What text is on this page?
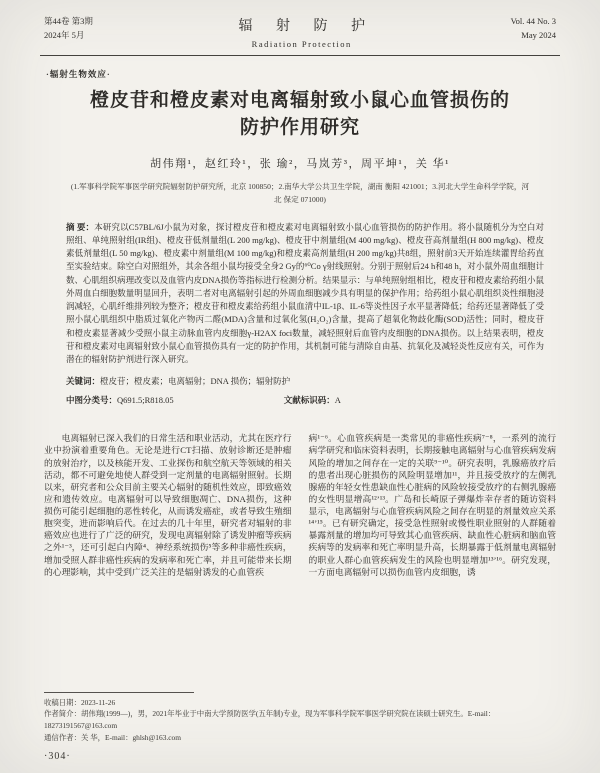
第44卷 第3期
2024年 5月
辐 射 防 护
Radiation Protection
Vol. 44 No. 3
May 2024
·辐射生物效应·
橙皮苷和橙皮素对电离辐射致小鼠心血管损伤的防护作用研究
胡伟翔¹，赵红玲¹，张 瑜²，马岚芳³，周平坤¹，关 华¹
(1.军事科学院军事医学研究院辐射防护研究所，北京 100850；2.南华大学公共卫生学院，湖南 衡阳 421001；3.河北大学生命科学学院，河北 保定 071000)
摘 要：本研究以C57BL/6J小鼠为对象，探讨橙皮苷和橙皮素对电离辐射致小鼠心血管损伤的防护作用。将小鼠随机分为空白对照组、单纯照射组(IR组)、橙皮苷低剂量组(L 200 mg/kg)、橙皮苷中剂量组(M 400 mg/kg)、橙皮苷高剂量组(H 800 mg/kg)、橙皮素低剂量组(L 50 mg/kg)、橙皮素中剂量组(M 100 mg/kg)和橙皮素高剂量组(H 200 mg/kg)共8组，照射前3天开始连续灌胃给药直至实验结束。除空白对照组外，其余各组小鼠均接受全身2 Gy的⁶⁰Co γ射线照射。分别于照射后24 h和48 h，对小鼠外周血细胞计数、心肌组织病理改变以及血管内皮DNA损伤等指标进行检测分析。结果显示：与单纯照射组相比，橙皮苷和橙皮素给药组小鼠外周血白细胞数量明显回升，表明二者对电离辐射引起的外周血细胞减少具有明显的保护作用；给药组小鼠心肌组织炎性细胞浸润减轻，心肌纤维排列较为整齐；橙皮苷和橙皮素给药组小鼠血清中IL-1β、IL-6等炎性因子水平显著降低；给药还显著降低了受照小鼠心肌组织中脂质过氧化产物丙二醛(MDA)含量和过氧化氢(H₂O₂)含量，提高了超氧化物歧化酶(SOD)活性；同时，橙皮苷和橙皮素显著减少受照小鼠主动脉血管内皮细胞γ-H2AX foci数量，减轻照射后血管内皮细胞的DNA损伤。以上结果表明，橙皮苷和橙皮素对电离辐射致小鼠心血管损伤具有一定的防护作用，其机制可能与清除自由基、抗氧化及减轻炎性反应有关，可作为潜在的辐射防护剂进行深入研究。
关键词：橙皮苷；橙皮素；电离辐射；DNA 损伤；辐射防护
中图分类号：Q691.5;R818.05	文献标识码：A

电离辐射已深入我们的日常生活和职业活动，尤其在医疗行业中扮演着重要角色。无论是进行CT扫描、放射诊断还是肿瘤的放射治疗，以及核能开发、工业探伤和航空航天等领域的相关活动，都不可避免地使人群受到一定剂量的电离辐射照射。长期以来，研究者和公众目前主要关心辐射的随机性效应，即致癌效应和遗传效应。电离辐射可以导致细胞凋亡、DNA损伤，这种损伤可能引起细胞的恶性转化，从而诱发癌症，或者导致生殖细胞突变，进而影响后代。在过去的几十年里，研究者对辐射的非癌效应也进行了广泛的研究，发现电离辐射除了诱发肿瘤等疾病之外¹⁻³，还可引起白内障⁴、神经系统损伤⁵等多种非癌性疾病，增加受照人群非癌性疾病的发病率和死亡率，并且可能带来长期的心理影响，其中受到广泛关注的是辐射诱发的心血管疾

病¹⁻⁶。心血管疾病是一类常见的非癌性疾病⁷⁻⁸，一系列的流行病学研究和临床资料表明，长期接触电离辐射与心血管疾病发病风险的增加之间存在一定的关联⁹⁻¹⁰。研究表明，乳腺癌放疗后的患者出现心脏损伤的风险明显增加¹¹，并且接受放疗的左侧乳腺癌的年轻女性患缺血性心脏病的风险较接受放疗的右侧乳腺癌的女性明显增高¹²’¹³。广岛和长崎原子弹爆炸幸存者的随访资料显示，电离辐射与心血管疾病风险之间存在明显的剂量效应关系¹⁴’¹⁵。已有研究确定，接受急性照射或慢性职业照射的人群随着暴露剂量的增加均可导致其心血管疾病、缺血性心脏病和脑血管疾病等的发病率和死亡率明显升高，长期暴露于低剂量电离辐射的职业人群心血管疾病发生的风险也明显增加¹³’¹⁶。研究发现，一方面电离辐射可以损伤血管内皮细胞，诱

收稿日期：2023-11-26
作者简介：胡伟翔(1999—)，男，2021年毕业于中南大学预防医学(五年制)专业，现为军事科学院军事医学研究院在读硕士研究生。E-mail：18273191567@163.com
通信作者：关 华，E-mail：ghlsh@163.com
·304·
